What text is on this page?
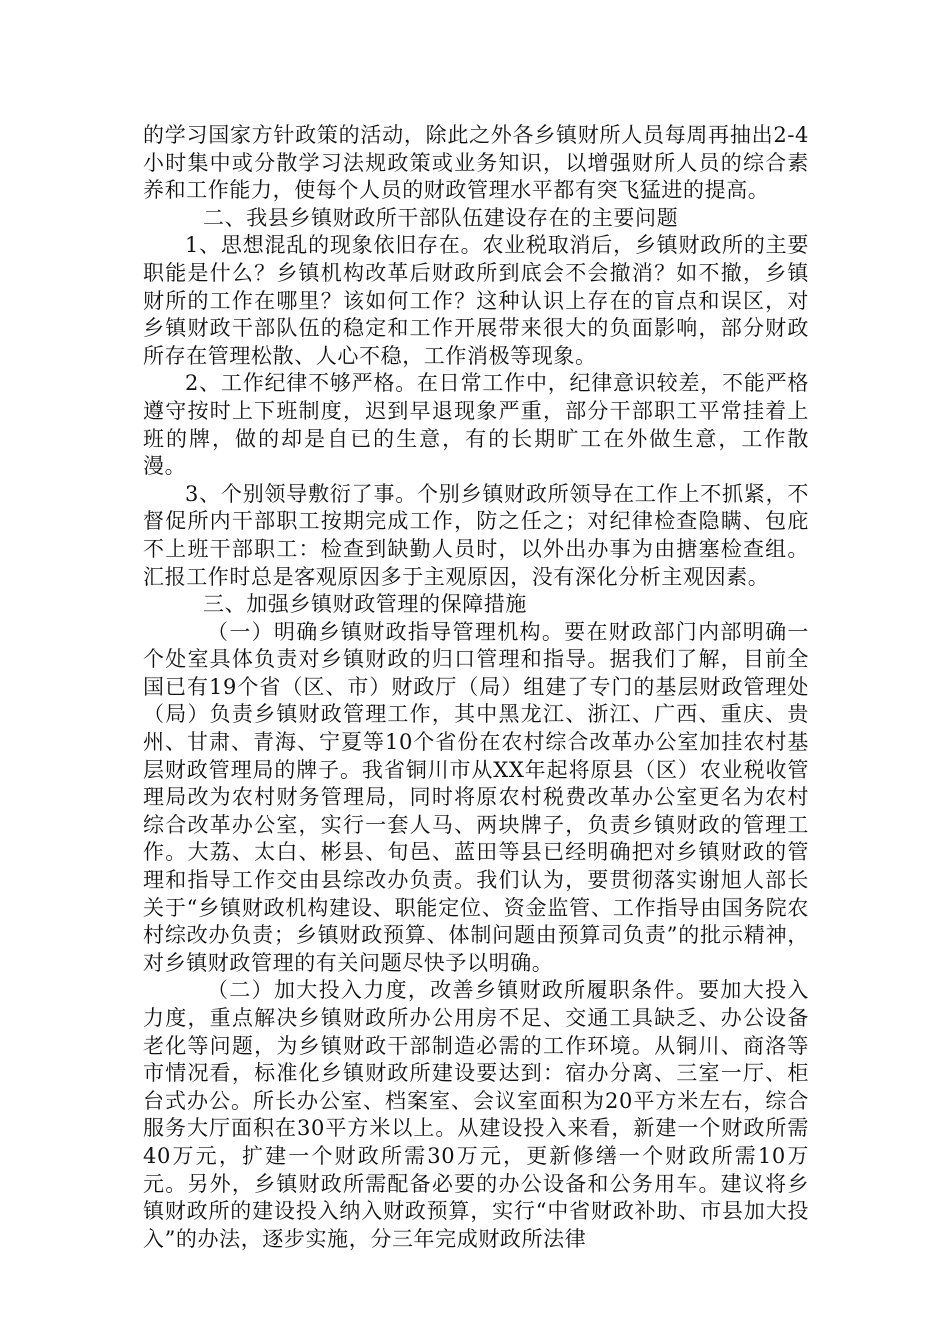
的学习国家方针政策的活动，除此之外各乡镇财所人员每周再抽出2-4小时集中或分散学习法规政策或业务知识，以增强财所人员的综合素养和工作能力，使每个人员的财政管理水平都有突飞猛进的提高。

二、我县乡镇财政所干部队伍建设存在的主要问题

1、思想混乱的现象依旧存在。农业税取消后，乡镇财政所的主要职能是什么？乡镇机构改革后财政所到底会不会撤消？如不撤，乡镇财所的工作在哪里？该如何工作？这种认识上存在的盲点和误区，对乡镇财政干部队伍的稳定和工作开展带来很大的负面影响，部分财政所存在管理松散、人心不稳，工作消极等现象。

2、工作纪律不够严格。在日常工作中，纪律意识较差，不能严格遵守按时上下班制度，迟到早退现象严重，部分干部职工平常挂着上班的牌，做的却是自已的生意，有的长期旷工在外做生意，工作散漫。

3、个别领导敷衍了事。个别乡镇财政所领导在工作上不抓紧，不督促所内干部职工按期完成工作，防之任之；对纪律检查隐瞒、包庇不上班干部职工：检查到缺勤人员时，以外出办事为由搪塞检查组。汇报工作时总是客观原因多于主观原因，没有深化分析主观因素。

三、加强乡镇财政管理的保障措施

（一）明确乡镇财政指导管理机构。要在财政部门内部明确一个处室具体负责对乡镇财政的归口管理和指导。据我们了解，目前全国已有19个省（区、市）财政厅（局）组建了专门的基层财政管理处（局）负责乡镇财政管理工作，其中黑龙江、浙江、广西、重庆、贵州、甘肃、青海、宁夏等10个省份在农村综合改革办公室加挂农村基层财政管理局的牌子。我省铜川市从XX年起将原县（区）农业税收管理局改为农村财务管理局，同时将原农村税费改革办公室更名为农村综合改革办公室，实行一套人马、两块牌子，负责乡镇财政的管理工作。大荔、太白、彬县、旬邑、蓝田等县已经明确把对乡镇财政的管理和指导工作交由县综改办负责。我们认为，要贯彻落实谢旭人部长关于“乡镇财政机构建设、职能定位、资金监管、工作指导由国务院农村综改办负责；乡镇财政预算、体制问题由预算司负责”的批示精神，对乡镇财政管理的有关问题尽快予以明确。

（二）加大投入力度，改善乡镇财政所履职条件。要加大投入力度，重点解决乡镇财政所办公用房不足、交通工具缺乏、办公设备老化等问题，为乡镇财政干部制造必需的工作环境。从铜川、商洛等市情况看，标准化乡镇财政所建设要达到：宿办分离、三室一厅、柜台式办公。所长办公室、档案室、会议室面积为20平方米左右，综合服务大厅面积在30平方米以上。从建设投入来看，新建一个财政所需40万元，扩建一个财政所需30万元，更新修缮一个财政所需10万元。另外，乡镇财政所需配备必要的办公设备和公务用车。建议将乡镇财政所的建设投入纳入财政预算，实行“中省财政补助、市县加大投入”的办法，逐步实施，分三年完成财政所法律
